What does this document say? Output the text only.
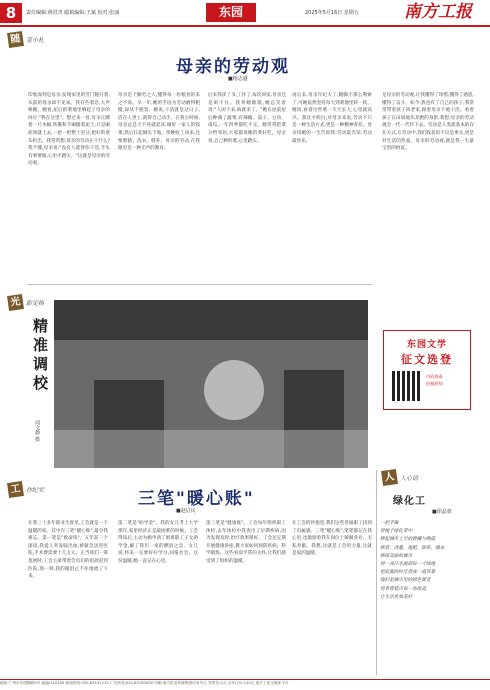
8	责任编辑:蒋洪青 邮箱编辑:王斌 校对:张丽	东园	2025年5月16日 星期五	南方工报
随 笔小札
母亲的劳动观
■杨志盛
印象深刻是母亲,发现家里的劳门随开着,从前的母亲却不见家。我有些着急,大声唤她。她看,屋后的菜地里响起了母亲的回应:"我在这里"。想过来一看,母亲正蹲着一只木桶,铁锹和手刷搬着泥土,只是刷泥到就上去,一把一把整土里分,把好的菜头扔出。我常常想,母亲的劳动在干什么?我不懂,母亲说:"没有人能替你干活,手头有事要做,心里才踏实。"这就是母亲的劳动观。
母亲是个勤劳之人,懂得每一粒粮食的来之不易。早一年,她的手因为劳动磨得粗糙,却从不抱怨。她说,干活就是过日子,活在人世上,就得自己动手。在我小时候,母亲总是天不亮就起床,做好一家人的饭菜,然后扛起锄头下地。傍晚收工回来,还要喂猪、洗衣、缝补。母亲的劳动,在我眼里是一种无声的教育。
后来我读了书,工作了,每次回家,母亲还是闲不住。我劝她歇歇,她总笑着说:"人闲下来,病就来了。"她在屋前屋后种满了蔬菜,有辣椒、茄子、豆角、南瓜,一年四季都吃不完。她常常把菜分给邻居,大家都说她的菜好吃。母亲说,自己种的菜,心里踏实。
再后来,母亲年纪大了,腿脚不那么利索了,可她依然坚持每天到菜地里转一转。她说,看着这些菜一天天长大,心里就高兴。我这才明白,对母亲来说,劳动不只是一种生活方式,更是一种精神寄托。母亲用她的一生告诉我:劳动最光荣,劳动最快乐。
是母亲的劳动观,让我懂得了珍惜,懂得了感恩,懂得了奋斗。如今,我也有了自己的孩子,我常常带着孩子回老家,跟着母亲下地干活。看着孩子在田间地头奔跑的身影,我想,母亲的劳动观会一代一代传下去。劳动是人类最基本的存在方式,在劳动中,我们收获的不仅是果实,更是对生活的热爱。母亲的劳动观,就是我一生最宝贵的财富。
光 影定格
精准调校
周文静 摄
东园文学
征文选登
扫码查看
投稿须知
工 作纪实	三笔"暖心账"
■赵启民
在我三十多年职业生涯里,工会就是一个温暖的家。其中有三笔"暖心账",最令我难忘。第一笔是"救命钱"。五年前一个深夜,我爱人突发脑出血,被紧急送进医院,手术费需要十几万元。正当我们一筹莫展时,工会主席带着会员们的捐款赶到医院,那一刻,我的眼泪止不住地流了下来。
第二笔是"助学金"。我的女儿考上大学那年,家里经济正是最困难的时候。工会得知后,主动为她申请了困难职工子女助学金,解了我们一家的燃眉之急。女儿说,将来一定要好好学习,回报社会。这份温暖,她一直记在心里。
第三笔是"健康账"。工会每年组织职工体检,去年体检中我查出了早期疾病,因为发现及时,治疗效果很好。工会还定期开展健康讲座,教大家如何预防疾病、科学锻炼。这些看似平常的关怀,让我们感受到了组织的温暖。
在工会的怀抱里,我们这些普通职工找到了归属感。三笔"暖心账",笔笔都记在我心里,也激励着我在岗位上兢兢业业、无私奉献。我想,这就是工会的力量,这就是家的温暖。
人 人心语
绿化工
■徐晶蓉
一把手锯
穿梭于绿化带中
捧起城市上空的晨曦与晚霞
修剪、浇灌、施肥、除草、捕虫
修绿美丽的城市
用一身汗水滋润每一寸绿地
把寂寞的时光剪成一道风景
他们是城市里的绿色使者
用青春装点每一条街道
让生活更加美好
地址:广州市东园横路5号 邮编:510100 新闻热线:020-83151212 广告热线:020-83150000 印刷:南方报业传媒集团印务中心 零售价:2元 全年订价:120元 南方工报全媒体平台
